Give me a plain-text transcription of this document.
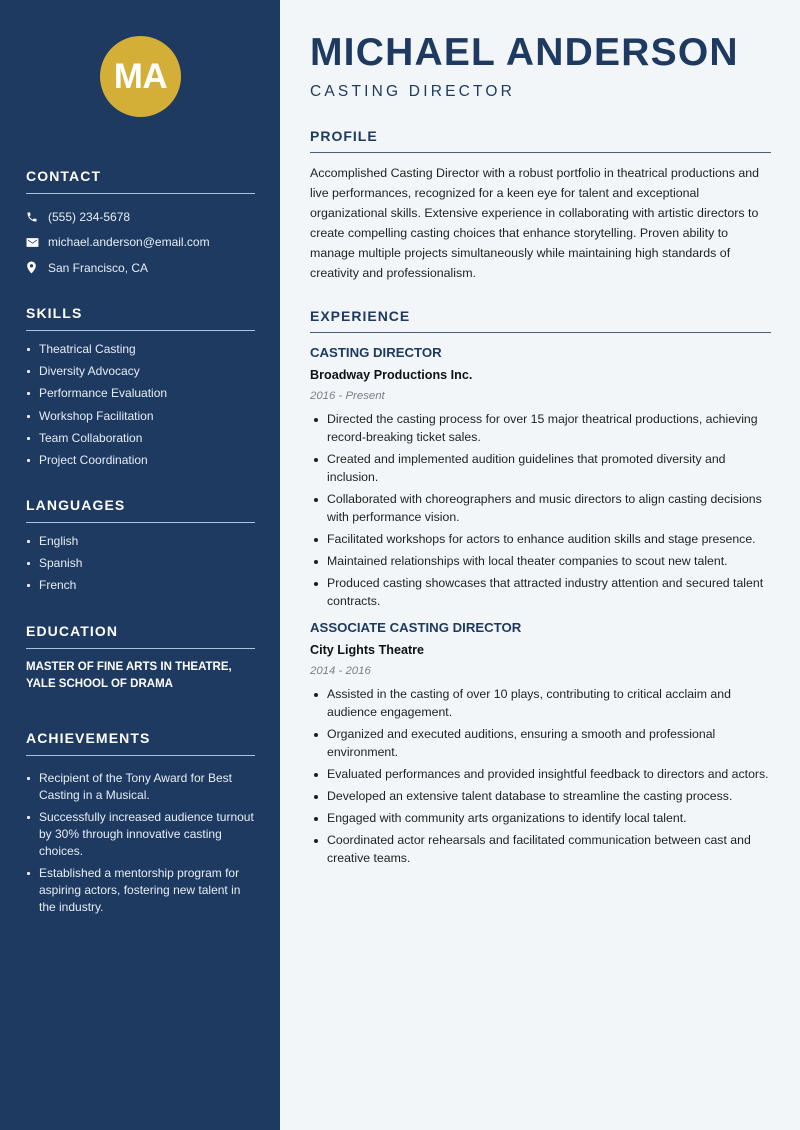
MA
CONTACT
(555) 234-5678
michael.anderson@email.com
San Francisco, CA
SKILLS
Theatrical Casting
Diversity Advocacy
Performance Evaluation
Workshop Facilitation
Team Collaboration
Project Coordination
LANGUAGES
English
Spanish
French
EDUCATION

MASTER OF FINE ARTS IN THEATRE, YALE SCHOOL OF DRAMA

ACHIEVEMENTS
Recipient of the Tony Award for Best Casting in a Musical.
Successfully increased audience turnout by 30% through innovative casting choices.
Established a mentorship program for aspiring actors, fostering new talent in the industry.
MICHAEL ANDERSON
CASTING DIRECTOR
PROFILE

Accomplished Casting Director with a robust portfolio in theatrical productions and live performances, recognized for a keen eye for talent and exceptional organizational skills. Extensive experience in collaborating with artistic directors to create compelling casting choices that enhance storytelling. Proven ability to manage multiple projects simultaneously while maintaining high standards of creativity and professionalism.

EXPERIENCE
CASTING DIRECTOR
Broadway Productions Inc.
2016 - Present
Directed the casting process for over 15 major theatrical productions, achieving record-breaking ticket sales.
Created and implemented audition guidelines that promoted diversity and inclusion.
Collaborated with choreographers and music directors to align casting decisions with performance vision.
Facilitated workshops for actors to enhance audition skills and stage presence.
Maintained relationships with local theater companies to scout new talent.
Produced casting showcases that attracted industry attention and secured talent contracts.
ASSOCIATE CASTING DIRECTOR
City Lights Theatre
2014 - 2016
Assisted in the casting of over 10 plays, contributing to critical acclaim and audience engagement.
Organized and executed auditions, ensuring a smooth and professional environment.
Evaluated performances and provided insightful feedback to directors and actors.
Developed an extensive talent database to streamline the casting process.
Engaged with community arts organizations to identify local talent.
Coordinated actor rehearsals and facilitated communication between cast and creative teams.
